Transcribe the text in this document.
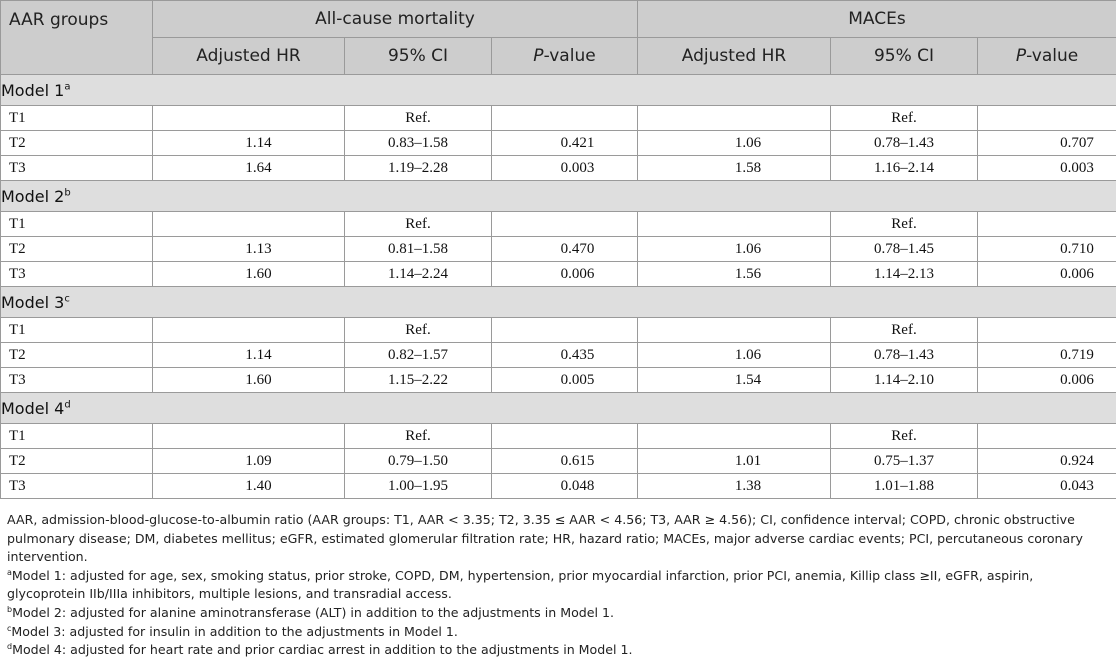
AAR groups	All-cause mortality			MACEs		
	Adjusted HR	95% CI	P-value	Adjusted HR	95% CI	P-value
Model 1$^a$
T1		Ref.			Ref.	
T2	1.14	0.83–1.58	0.421	1.06	0.78–1.43	0.707
T3	1.64	1.19–2.28	0.003	1.58	1.16–2.14	0.003
Model 2$^b$
T1		Ref.			Ref.	
T2	1.13	0.81–1.58	0.470	1.06	0.78–1.45	0.710
T3	1.60	1.14–2.24	0.006	1.56	1.14–2.13	0.006
Model 3$^c$
T1		Ref.			Ref.	
T2	1.14	0.82–1.57	0.435	1.06	0.78–1.43	0.719
T3	1.60	1.15–2.22	0.005	1.54	1.14–2.10	0.006
Model 4$^d$
T1		Ref.			Ref.	
T2	1.09	0.79–1.50	0.615	1.01	0.75–1.37	0.924
T3	1.40	1.00–1.95	0.048	1.38	1.01–1.88	0.043

AAR, admission-blood-glucose-to-albumin ratio (AAR groups: T1, AAR < 3.35; T2, 3.35 ≤ AAR < 4.56; T3, AAR ≥ 4.56); CI, confidence interval; COPD, chronic obstructive pulmonary disease; DM, diabetes mellitus; eGFR, estimated glomerular filtration rate; HR, hazard ratio; MACEs, major adverse cardiac events; PCI, percutaneous coronary intervention.

$^a$Model 1: adjusted for age, sex, smoking status, prior stroke, COPD, DM, hypertension, prior myocardial infarction, prior PCI, anemia, Killip class ≥II, eGFR, aspirin, glycoprotein IIb/IIIa inhibitors, multiple lesions, and transradial access.

$^b$Model 2: adjusted for alanine aminotransferase (ALT) in addition to the adjustments in Model 1.

$^c$Model 3: adjusted for insulin in addition to the adjustments in Model 1.

$^d$Model 4: adjusted for heart rate and prior cardiac arrest in addition to the adjustments in Model 1.
